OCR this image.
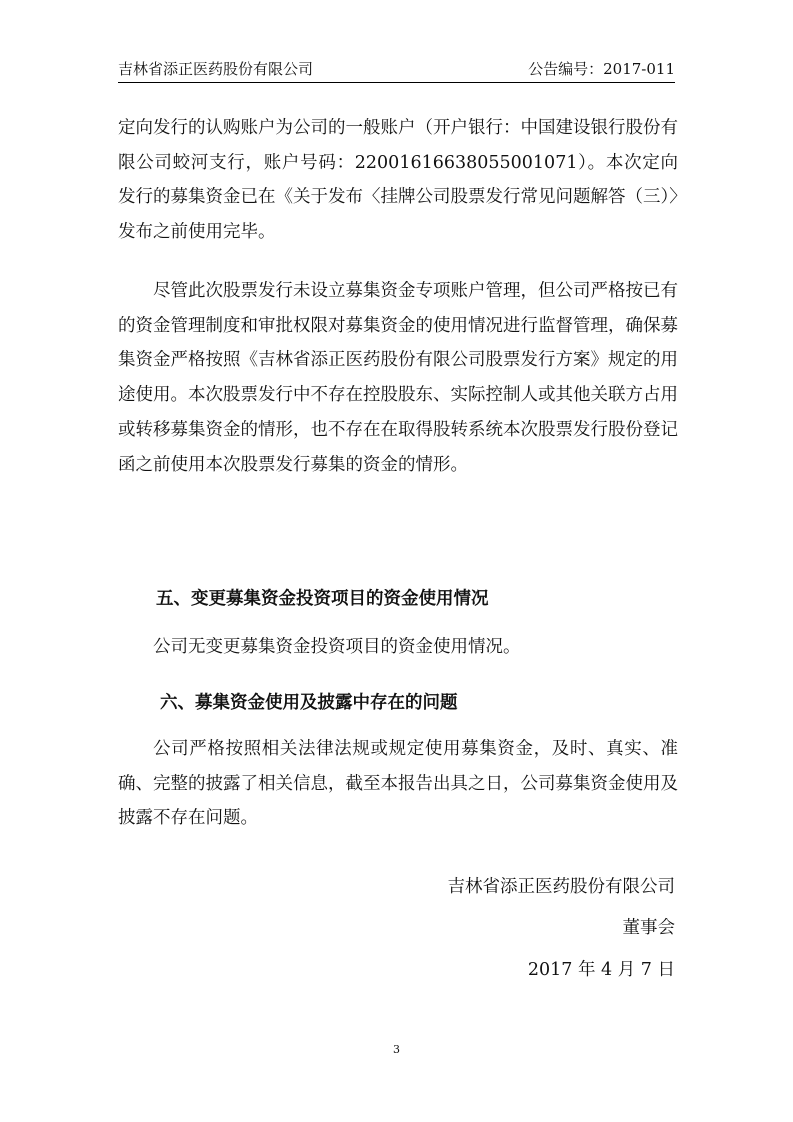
吉林省添正医药股份有限公司	公告编号：2017-011

定向发行的认购账户为公司的一般账户（开户银行：中国建设银行股份有限公司蛟河支行，账户号码：22001616638055001071）。本次定向发行的募集资金已在《关于发布〈挂牌公司股票发行常见问题解答（三）〉发布之前使用完毕。

尽管此次股票发行未设立募集资金专项账户管理，但公司严格按已有的资金管理制度和审批权限对募集资金的使用情况进行监督管理，确保募集资金严格按照《吉林省添正医药股份有限公司股票发行方案》规定的用途使用。本次股票发行中不存在控股股东、实际控制人或其他关联方占用或转移募集资金的情形，也不存在在取得股转系统本次股票发行股份登记函之前使用本次股票发行募集的资金的情形。

五、变更募集资金投资项目的资金使用情况

公司无变更募集资金投资项目的资金使用情况。

六、募集资金使用及披露中存在的问题

公司严格按照相关法律法规或规定使用募集资金，及时、真实、准确、完整的披露了相关信息，截至本报告出具之日，公司募集资金使用及披露不存在问题。

吉林省添正医药股份有限公司
董事会
2017 年 4 月 7 日
3
